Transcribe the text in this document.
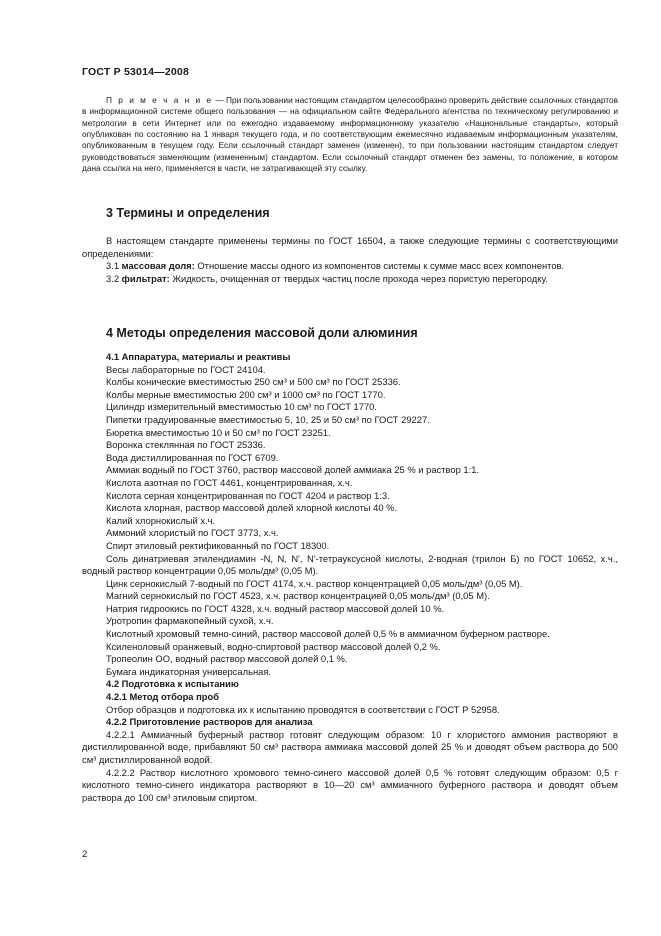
ГОСТ Р 53014—2008

П р и м е ч а н и е — При пользовании настоящим стандартом целесообразно проверить действие ссылочных стандартов в информационной системе общего пользования — на официальном сайте Федерального агентства по техническому регулированию и метрологии в сети Интернет или по ежегодно издаваемому информационному указателю «Национальные стандарты», который опубликован по состоянию на 1 января текущего года, и по соответствующим ежемесячно издаваемым информационным указателям, опубликованным в текущем году. Если ссылочный стандарт заменен (изменен), то при пользовании настоящим стандартом следует руководствоваться заменяющим (измененным) стандартом. Если ссылочный стандарт отменен без замены, то положение, в котором дана ссылка на него, применяется в части, не затрагивающей эту ссылку.

3 Термины и определения

В настоящем стандарте применены термины по ГОСТ 16504, а также следующие термины с соответствующими определениями:

3.1 массовая доля: Отношение массы одного из компонентов системы к сумме масс всех компонентов.

3.2 фильтрат: Жидкость, очищенная от твердых частиц после прохода через пористую перегородку.

4 Методы определения массовой доли алюминия

4.1 Аппаратура, материалы и реактивы

Весы лабораторные по ГОСТ 24104.

Колбы конические вместимостью 250 см³ и 500 см³ по ГОСТ 25336.

Колбы мерные вместимостью 200 см³ и 1000 см³ по ГОСТ 1770.

Цилиндр измерительный вместимостью 10 см³ по ГОСТ 1770.

Пипетки градуированные вместимостью 5, 10, 25 и 50 см³ по ГОСТ 29227.

Бюретка вместимостью 10 и 50 см³ по ГОСТ 23251.

Воронка стеклянная по ГОСТ 25336.

Вода дистиллированная по ГОСТ 6709.

Аммиак водный по ГОСТ 3760, раствор массовой долей аммиака 25 % и раствор 1:1.

Кислота азотная по ГОСТ 4461, концентрированная, х.ч.

Кислота серная концентрированная по ГОСТ 4204 и раствор 1:3.

Кислота хлорная, раствор массовой долей хлорной кислоты 40 %.

Калий хлорнокислый х.ч.

Аммоний хлористый по ГОСТ 3773, х.ч.

Спирт этиловый ректификованный по ГОСТ 18300.

Соль динатриевая этилендиамин -N, N, N', N'-тетрауксусной кислоты, 2-водная (трилон Б) по ГОСТ 10652, х.ч., водный раствор концентрации 0,05 моль/дм³ (0,05 М).

Цинк сернокислый 7-водный по ГОСТ 4174, х.ч. раствор концентрацией 0,05 моль/дм³ (0,05 М).

Магний сернокислый по ГОСТ 4523, х.ч. раствор концентрацией 0,05 моль/дм³ (0,05 М).

Натрия гидроокись по ГОСТ 4328, х.ч. водный раствор массовой долей 10 %.

Уротропин фармакопейный сухой, х.ч.

Кислотный хромовый темно-синий, раствор массовой долей 0,5 % в аммиачном буферном растворе.

Ксиленоловый оранжевый, водно-спиртовой раствор массовой долей 0,2 %.

Тропеолин ОО, водный раствор массовой долей 0,1 %.

Бумага индикаторная универсальная.

4.2 Подготовка к испытанию

4.2.1 Метод отбора проб

Отбор образцов и подготовка их к испытанию проводятся в соответствии с ГОСТ Р 52958.

4.2.2 Приготовление растворов для анализа

4.2.2.1 Аммиачный буферный раствор готовят следующим образом: 10 г хлористого аммония растворяют в дистиллированной воде, прибавляют 50 см³ раствора аммиака массовой долей 25 % и доводят объем раствора до 500 см³ дистиллированной водой.

4.2.2.2 Раствор кислотного хромового темно-синего массовой долей 0,5 % готовят следующим образом: 0,5 г кислотного темно-синего индикатора растворяют в 10—20 см³ аммиачного буферного раствора и доводят объем раствора до 100 см³ этиловым спиртом.

2
